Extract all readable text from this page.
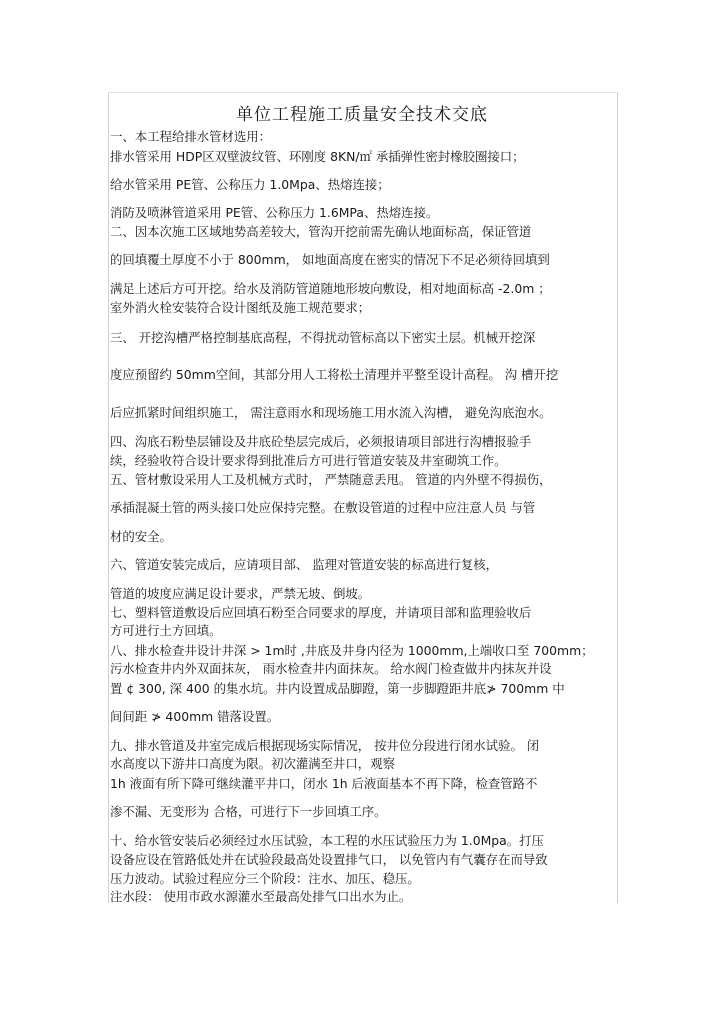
单位工程施工质量安全技术交底
一、本工程给排水管材选用：
排水管采用 HDP区双壁波纹管、环刚度 8KN/㎡ 承插弹性密封橡胶圈接口；
给水管采用 PE管、公称压力 1.0Mpa、热熔连接；
消防及喷淋管道采用 PE管、公称压力 1.6MPa、热熔连接。
二、因本次施工区域地势高差较大，管沟开挖前需先确认地面标高，保证管道
的回填覆土厚度不小于 800mm， 如地面高度在密实的情况下不足必须待回填到
满足上述后方可开挖。给水及消防管道随地形坡向敷设，相对地面标高 -2.0m ；
室外消火栓安装符合设计图纸及施工规范要求；
三、 开挖沟槽严格控制基底高程，不得扰动管标高以下密实土层。机械开挖深
度应预留约 50mm空间，其部分用人工将松土清理并平整至设计高程。 沟 槽开挖
后应抓紧时间组织施工， 需注意雨水和现场施工用水流入沟槽， 避免沟底泡水。
四、沟底石粉垫层铺设及井底砼垫层完成后，必须报请项目部进行沟槽报验手
续，经验收符合设计要求得到批准后方可进行管道安装及井室砌筑工作。
五、管材敷设采用人工及机械方式时， 严禁随意丢甩。 管道的内外壁不得损伤，
承插混凝土管的两头接口处应保持完整。在敷设管道的过程中应注意人员 与管
材的安全。
六、管道安装完成后，应请项目部、 监理对管道安装的标高进行复核，
管道的坡度应满足设计要求，严禁无坡、倒坡。
七、塑料管道敷设后应回填石粉至合同要求的厚度，并请项目部和监理验收后
方可进行土方回填。
八、排水检查井设计井深 > 1m时 ,井底及井身内径为 1000mm,上端收口至 700mm；
污水检查井内外双面抹灰， 雨水检查井内面抹灰。 给水阀门检查做井内抹灰并设
置 ¢ 300, 深 400 的集水坑。井内设置成品脚蹬，第一步脚蹬距井底≯ 700mm 中
间间距 ≯ 400mm 错落设置。
九、排水管道及井室完成后根据现场实际情况， 按井位分段进行闭水试验。 闭
水高度以下游井口高度为限。初次灌满至井口，观察
1h 液面有所下降可继续灌平井口，闭水 1h 后液面基本不再下降，检查管路不
渗不漏、无变形为 合格，可进行下一步回填工序。
十、给水管安装后必须经过水压试验，本工程的水压试验压力为 1.0Mpa。打压
设备应设在管路低处并在试验段最高处设置排气口， 以免管内有气囊存在而导致
压力波动。试验过程应分三个阶段：注水、加压、稳压。
注水段： 使用市政水源灌水至最高处排气口出水为止。
